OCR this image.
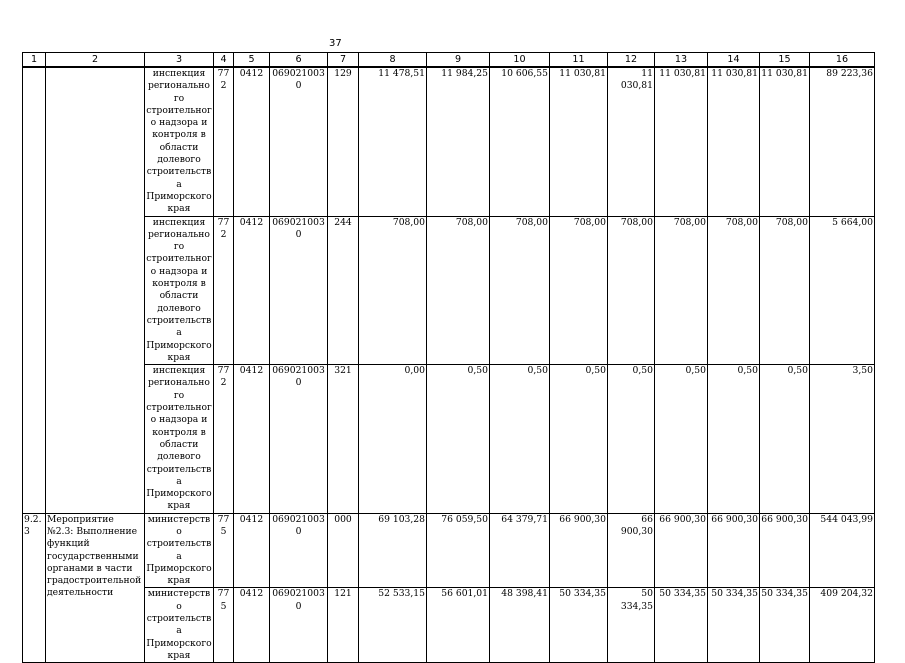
37
1	2	3	4	5	6	7	8	9	10	11	12	13	14	15	16
		инспекция регионального строительного надзора и контроля в области долевого строительства Приморского края	772	0412	0690210030	129	11 478,51	11 984,25	10 606,55	11 030,81	11 030,81	11 030,81	11 030,81	11 030,81	89 223,36
		инспекция регионального строительного надзора и контроля в области долевого строительства Приморского края	772	0412	0690210030	244	708,00	708,00	708,00	708,00	708,00	708,00	708,00	708,00	5 664,00
		инспекция регионального строительного надзора и контроля в области долевого строительства Приморского края	772	0412	0690210030	321	0,00	0,50	0,50	0,50	0,50	0,50	0,50	0,50	3,50
9.2.3	Мероприятие №2.3: Выполнение функций государственными органами в части градостроительной деятельности	министерство строительства Приморского края	775	0412	0690210030	000	69 103,28	76 059,50	64 379,71	66 900,30	66 900,30	66 900,30	66 900,30	66 900,30	544 043,99
		министерство строительства Приморского края	775	0412	0690210030	121	52 533,15	56 601,01	48 398,41	50 334,35	50 334,35	50 334,35	50 334,35	50 334,35	409 204,32
